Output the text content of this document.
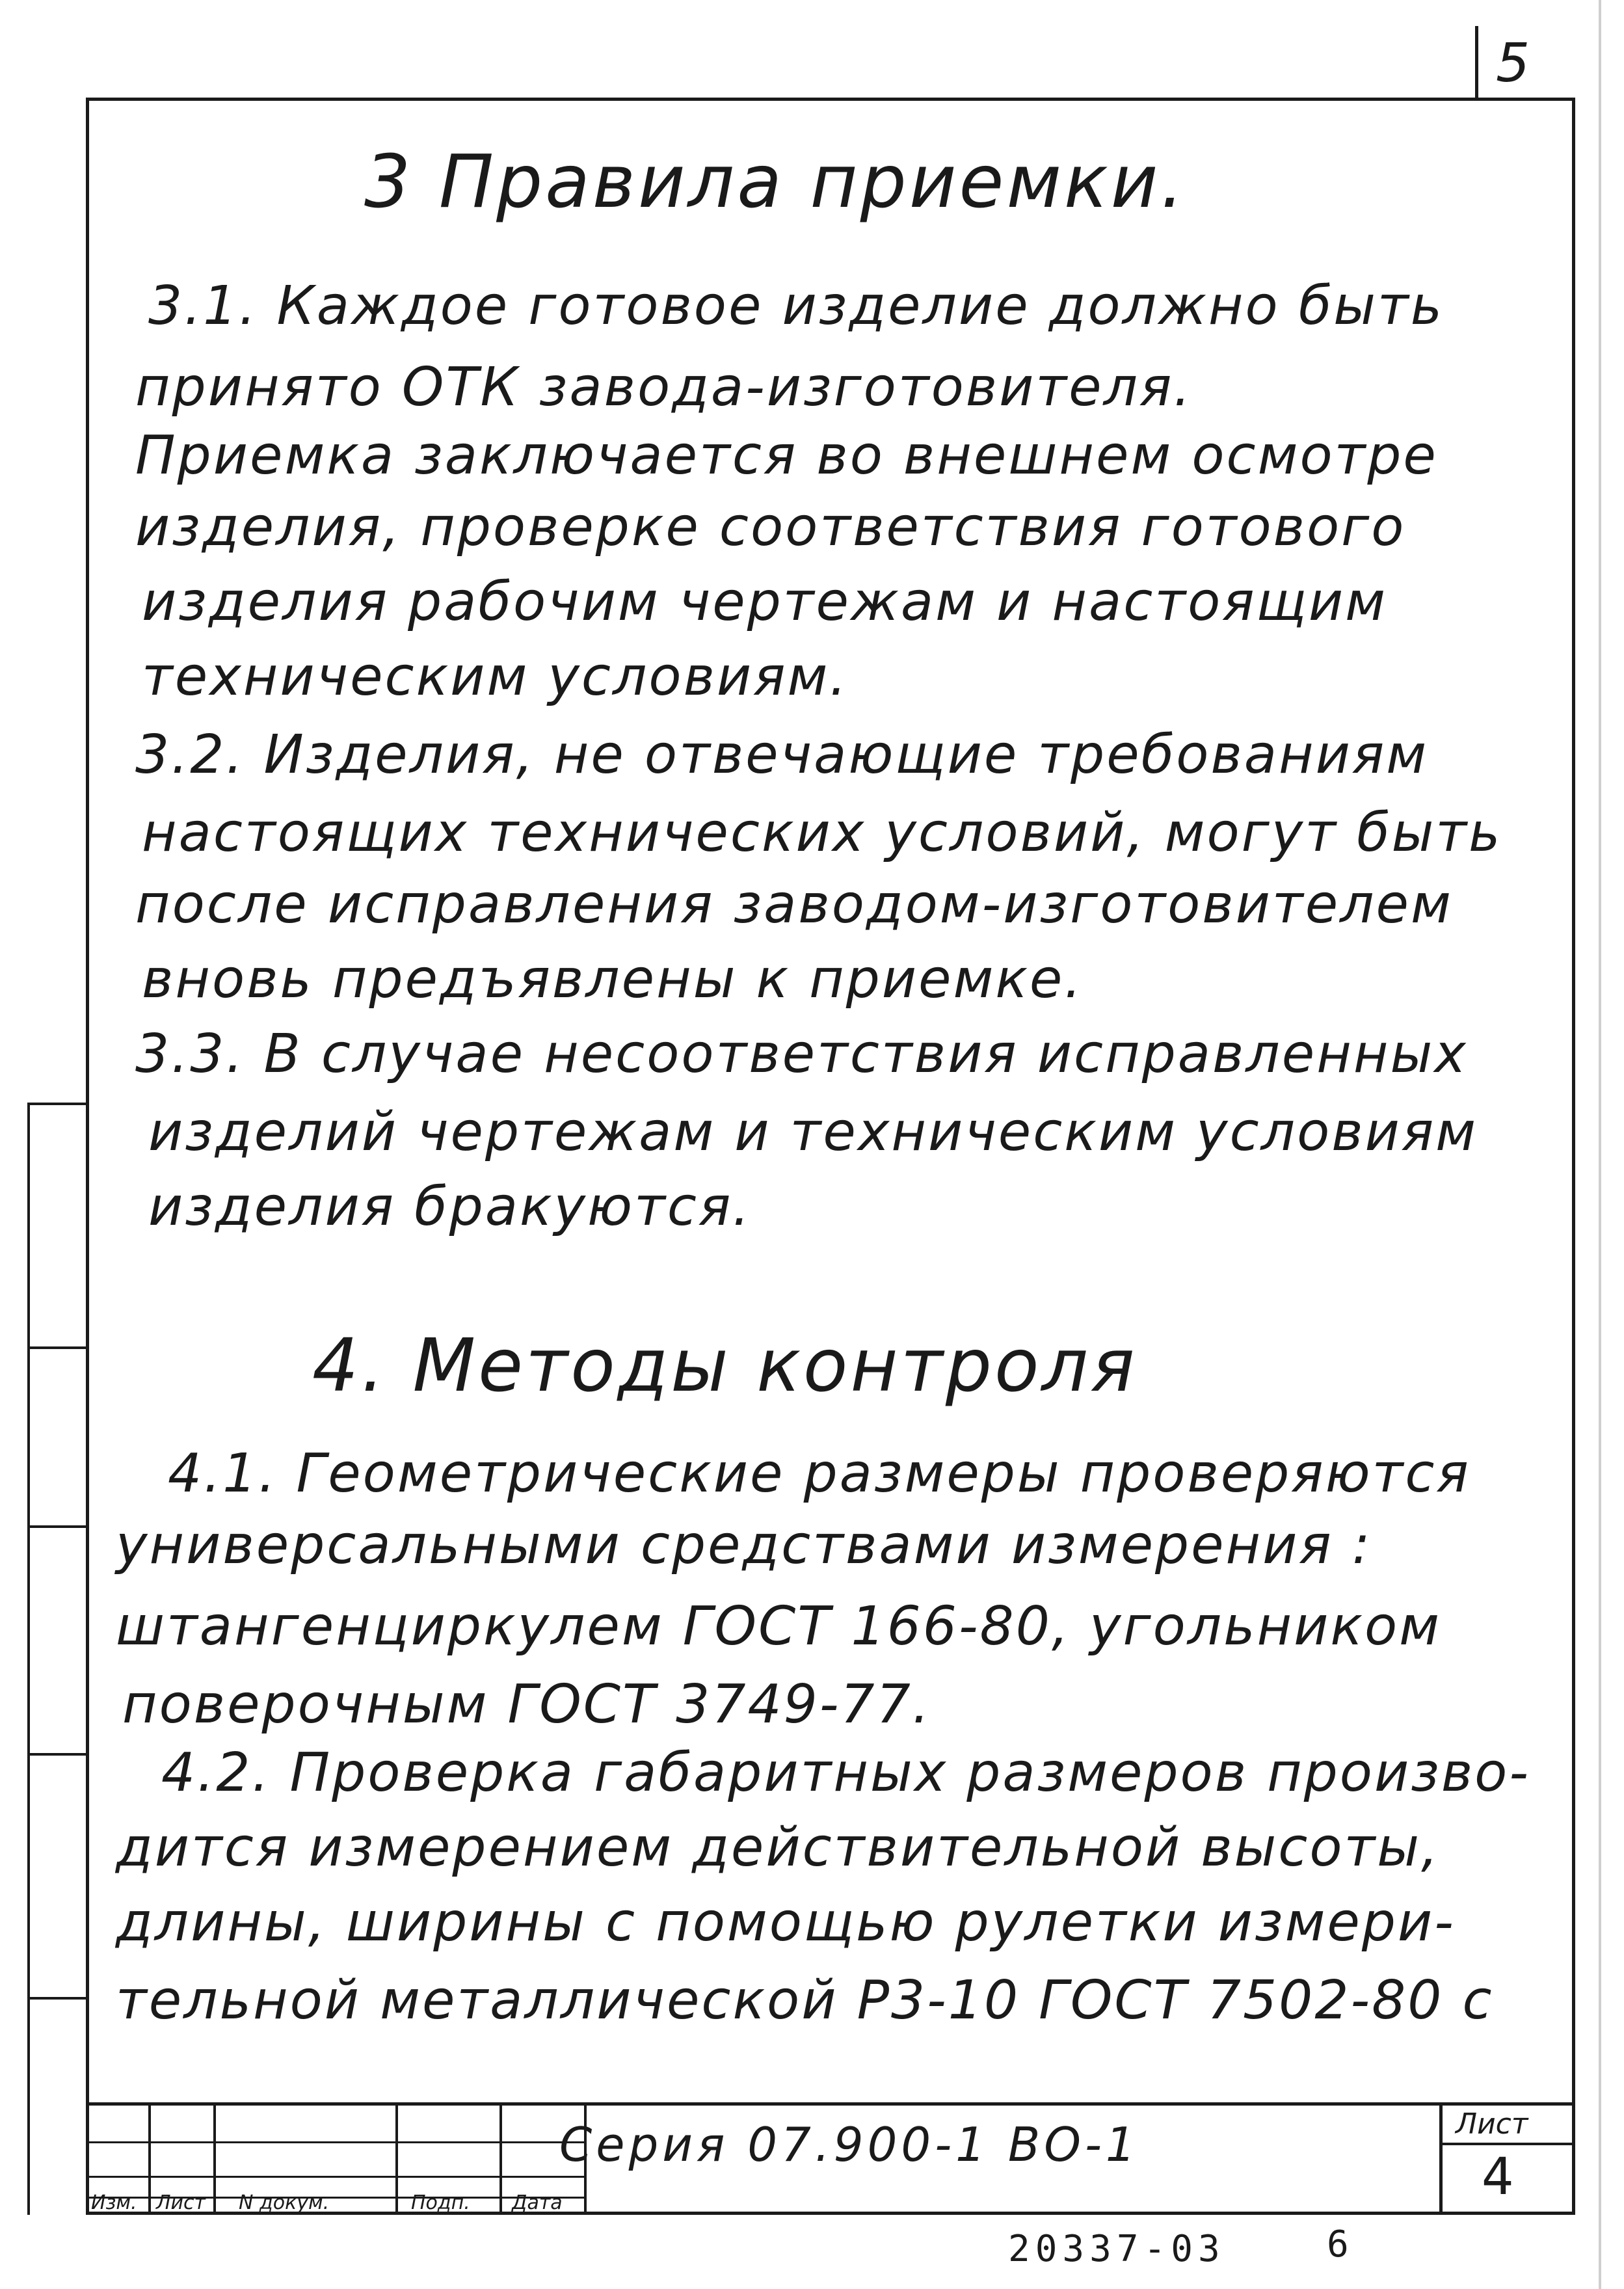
5
3 Правила приемки.
3.1. Каждое готовое изделие должно быть
принято ОТК завода-изготовителя.
Приемка заключается во внешнем осмотре
изделия, проверке соответствия готового
изделия рабочим чертежам и настоящим
техническим условиям.
3.2. Изделия, не отвечающие требованиям
настоящих технических условий, могут быть
после исправления заводом-изготовителем
вновь предъявлены к приемке.
3.3. В случае несоответствия исправленных
изделий чертежам и техническим условиям
изделия бракуются.
4. Методы контроля
4.1. Геометрические размеры проверяются
универсальными средствами измерения :
штангенциркулем ГОСТ 166-80, угольником
поверочным ГОСТ 3749-77.
4.2. Проверка габаритных размеров произво-
дится измерением действительной высоты,
длины, ширины с помощью рулетки измери-
тельной металлической Р3-10 ГОСТ 7502-80 с
Изм. Лист N докум.	Подп. Дата
Серия 07.900-1 ВО-1	Лист
4
20337-03	6
